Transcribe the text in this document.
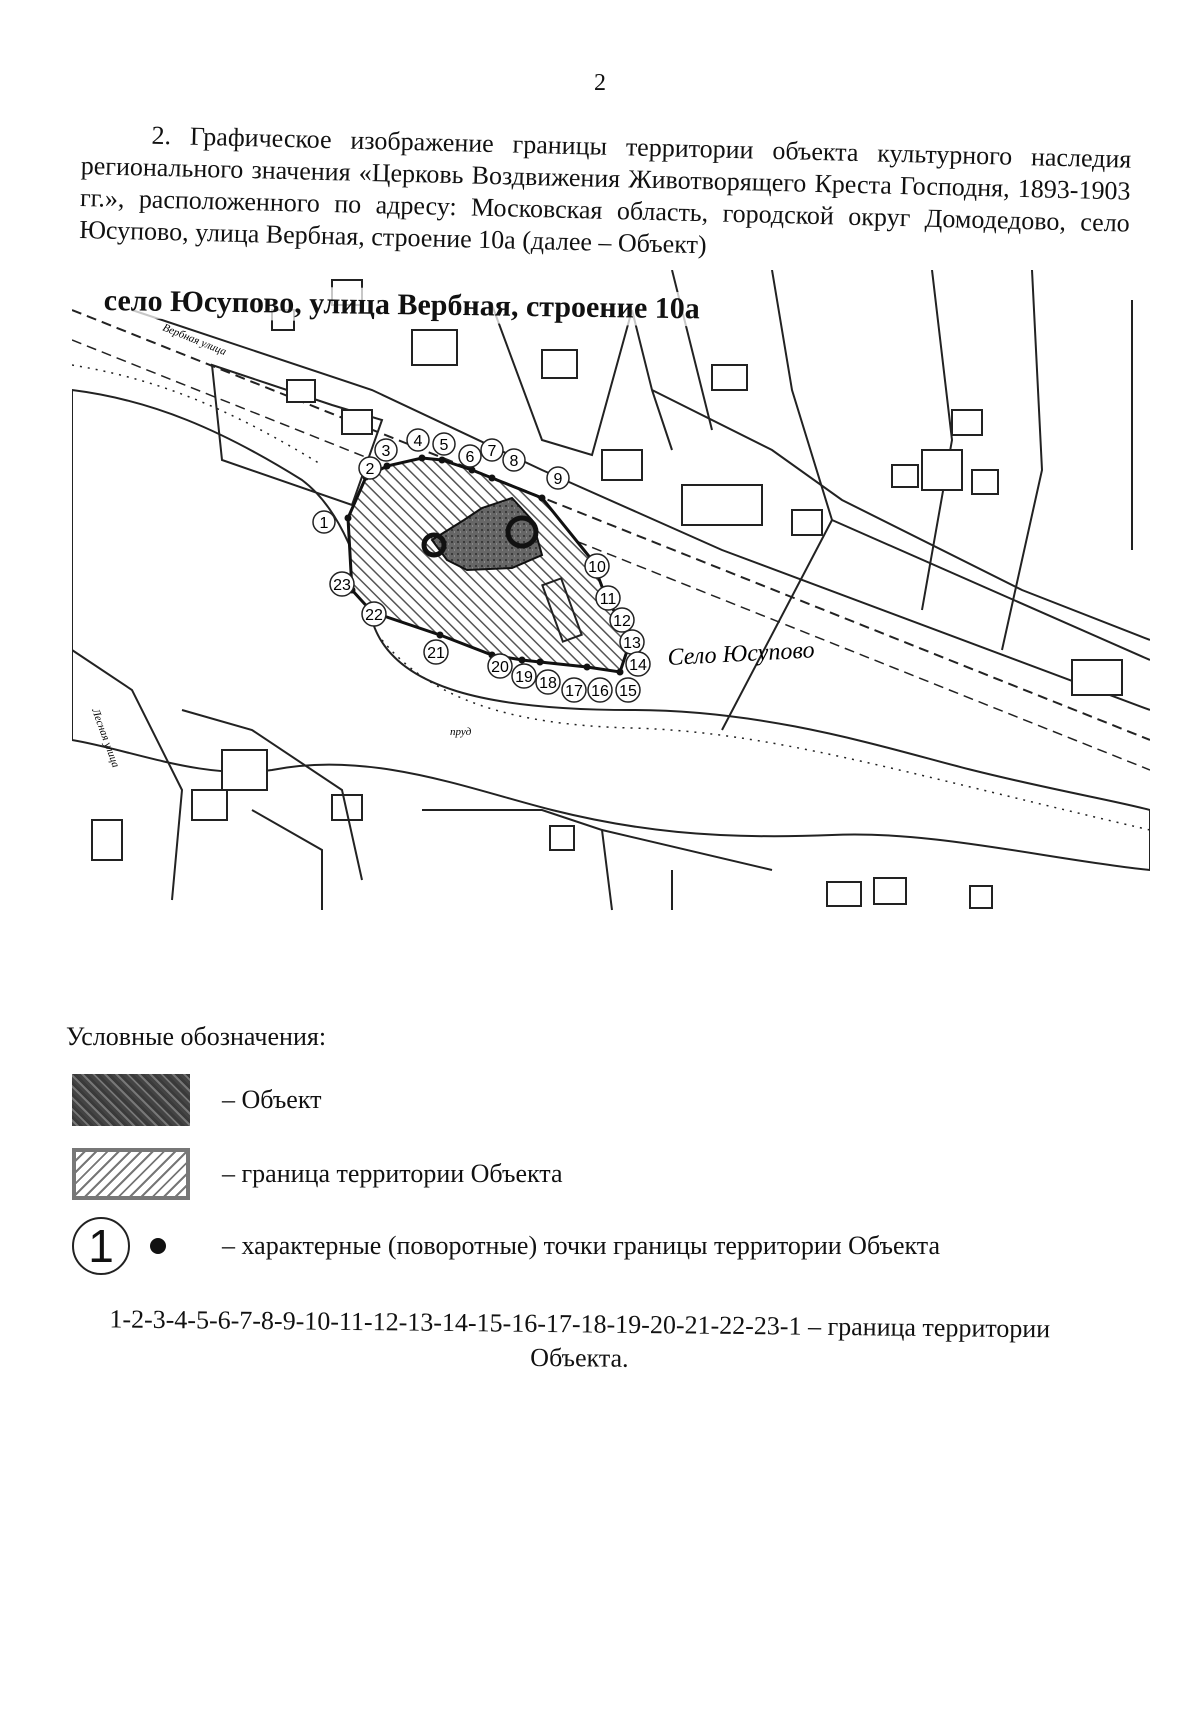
2
2. Графическое изображение границы территории объекта культурного наследия регионального значения «Церковь Воздвижения Животворящего Креста Господня, 1893-1903 гг.», расположенного по адресу: Московская область, городской округ Домодедово, село Юсупово, улица Вербная, строение 10а (далее – Объект)
1
2
3
4 5
6 7
8
9
10
11
12
13
14
15
16
17
18
19
20
21
22
23
Село Юсупово
пруд
Вербная улица
Лесная улица
село Юсупово, улица Вербная, строение 10а
Условные обозначения:
– Объект
– граница территории Объекта
1	– характерные (поворотные) точки границы территории Объекта
1-2-3-4-5-6-7-8-9-10-11-12-13-14-15-16-17-18-19-20-21-22-23-1 – граница территории Объекта.
